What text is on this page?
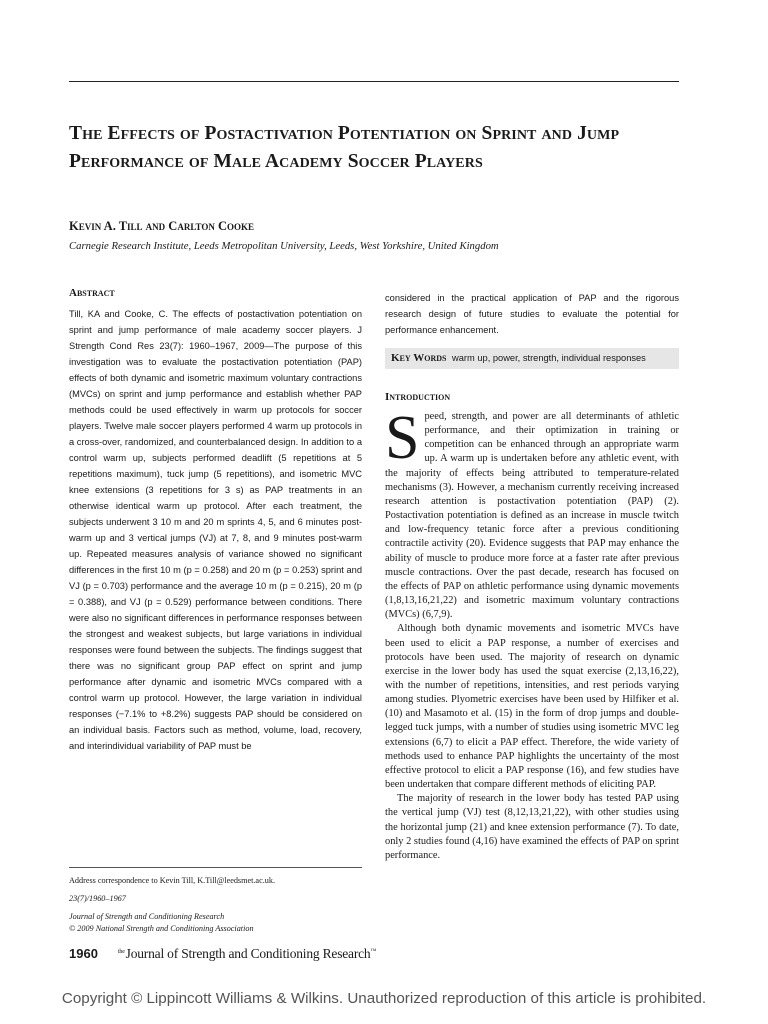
The Effects of Postactivation Potentiation on Sprint and Jump Performance of Male Academy Soccer Players
Kevin A. Till and Carlton Cooke
Carnegie Research Institute, Leeds Metropolitan University, Leeds, West Yorkshire, United Kingdom
Abstract

Till, KA and Cooke, C. The effects of postactivation potentiation on sprint and jump performance of male academy soccer players. J Strength Cond Res 23(7): 1960–1967, 2009—The purpose of this investigation was to evaluate the postactivation potentiation (PAP) effects of both dynamic and isometric maximum voluntary contractions (MVCs) on sprint and jump performance and establish whether PAP methods could be used effectively in warm up protocols for soccer players. Twelve male soccer players performed 4 warm up protocols in a cross-over, randomized, and counterbalanced design. In addition to a control warm up, subjects performed deadlift (5 repetitions at 5 repetitions maximum), tuck jump (5 repetitions), and isometric MVC knee extensions (3 repetitions for 3 s) as PAP treatments in an otherwise identical warm up protocol. After each treatment, the subjects underwent 3 10 m and 20 m sprints 4, 5, and 6 minutes post-warm up and 3 vertical jumps (VJ) at 7, 8, and 9 minutes post-warm up. Repeated measures analysis of variance showed no significant differences in the first 10 m (p = 0.258) and 20 m (p = 0.253) sprint and VJ (p = 0.703) performance and the average 10 m (p = 0.215), 20 m (p = 0.388), and VJ (p = 0.529) performance between conditions. There were also no significant differences in performance responses between the strongest and weakest subjects, but large variations in individual responses were found between the subjects. The findings suggest that there was no significant group PAP effect on sprint and jump performance after dynamic and isometric MVCs compared with a control warm up protocol. However, the large variation in individual responses (−7.1% to +8.2%) suggests PAP should be considered on an individual basis. Factors such as method, volume, load, recovery, and interindividual variability of PAP must be

considered in the practical application of PAP and the rigorous research design of future studies to evaluate the potential for performance enhancement.

Key Words warm up, power, strength, individual responses
Introduction

Speed, strength, and power are all determinants of athletic performance, and their optimization in training or competition can be enhanced through an appropriate warm up. A warm up is undertaken before any athletic event, with the majority of effects being attributed to temperature-related mechanisms (3). However, a mechanism currently receiving increased research attention is postactivation potentiation (PAP) (2). Postactivation potentiation is defined as an increase in muscle twitch and low-frequency tetanic force after a previous conditioning contractile activity (20). Evidence suggests that PAP may enhance the ability of muscle to produce more force at a faster rate after previous muscle contractions. Over the past decade, research has focused on the effects of PAP on athletic performance using dynamic movements (1,8,13,16,21,22) and isometric maximum voluntary contractions (MVCs) (6,7,9).

Although both dynamic movements and isometric MVCs have been used to elicit a PAP response, a number of exercises and protocols have been used. The majority of research on dynamic exercise in the lower body has used the squat exercise (2,13,16,22), with the number of repetitions, intensities, and rest periods varying among studies. Plyometric exercises have been used by Hilfiker et al. (10) and Masamoto et al. (15) in the form of drop jumps and double-legged tuck jumps, with a number of studies using isometric MVC leg extensions (6,7) to elicit a PAP effect. Therefore, the wide variety of methods used to enhance PAP highlights the uncertainty of the most effective protocol to elicit a PAP response (16), and few studies have been undertaken that compare different methods of eliciting PAP.

The majority of research in the lower body has tested PAP using the vertical jump (VJ) test (8,12,13,21,22), with other studies using the horizontal jump (21) and knee extension performance (7). To date, only 2 studies found (4,16) have examined the effects of PAP on sprint performance.

Address correspondence to Kevin Till, K.Till@leedsmet.ac.uk.
23(7)/1960–1967
Journal of Strength and Conditioning Research
© 2009 National Strength and Conditioning Association
1960	$^{the}$Journal of Strength and Conditioning Research™
Copyright © Lippincott Williams & Wilkins. Unauthorized reproduction of this article is prohibited.
